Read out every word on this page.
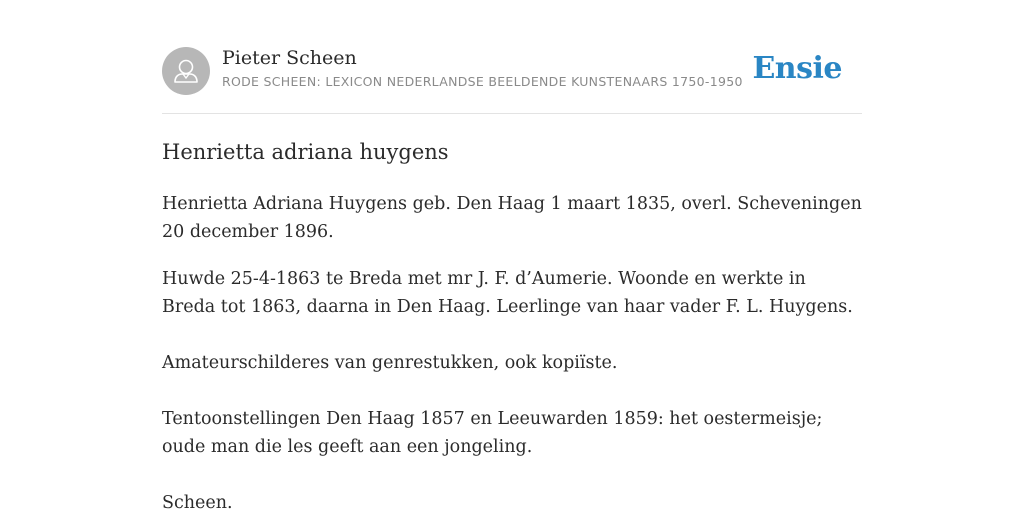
Pieter Scheen
RODE SCHEEN: LEXICON NEDERLANDSE BEELDENDE KUNSTENAARS 1750-1950 Ensie
Henrietta adriana huygens

Henrietta Adriana Huygens geb. Den Haag 1 maart 1835, overl. Scheveningen 20 december 1896.

Huwde 25-4-1863 te Breda met mr J. F. d’Aumerie. Woonde en werkte in Breda tot 1863, daarna in Den Haag. Leerlinge van haar vader F. L. Huygens.

Amateurschilderes van genrestukken, ook kopiïste.

Tentoonstellingen Den Haag 1857 en Leeuwarden 1859: het oestermeisje; oude man die les geeft aan een jongeling.

Scheen.
